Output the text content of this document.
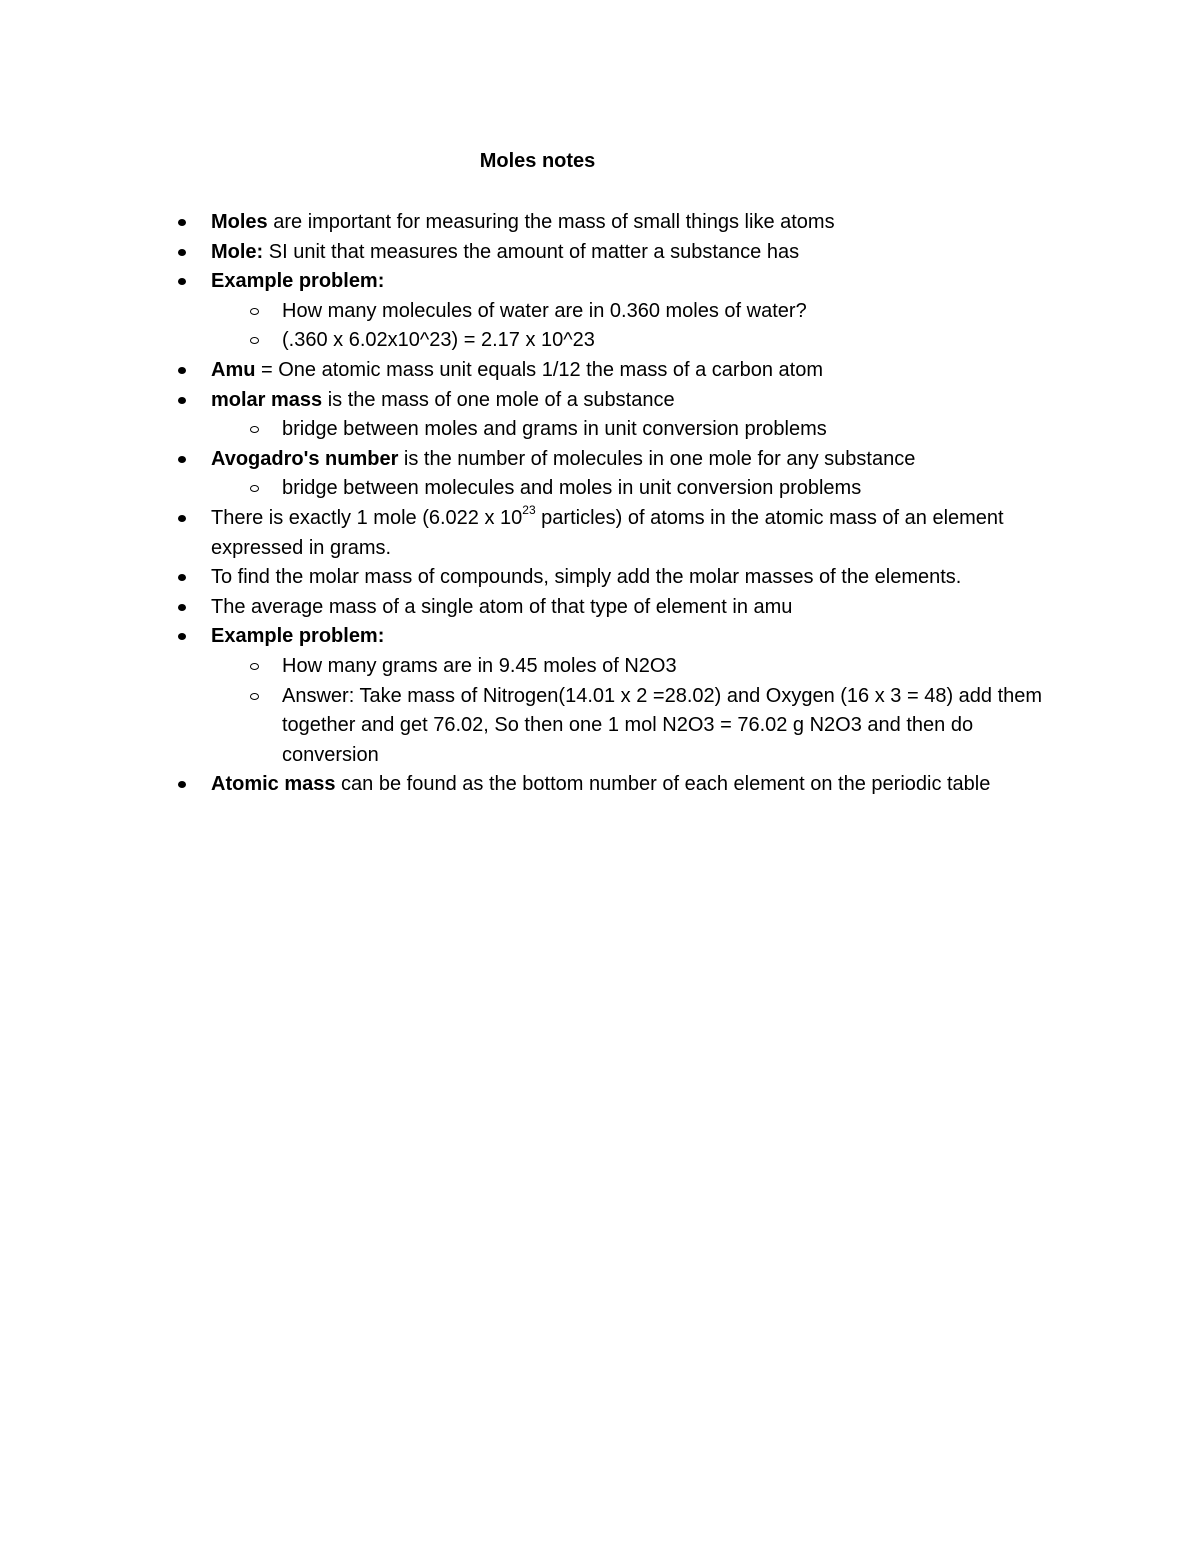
Moles notes
Moles are important for measuring the mass of small things like atoms
Mole: SI unit that measures the amount of matter a substance has
Example problem:
How many molecules of water are in 0.360 moles of water?
(.360 x 6.02x10^23) = 2.17 x 10^23
Amu = One atomic mass unit equals 1/12 the mass of a carbon atom
molar mass is the mass of one mole of a substance
bridge between moles and grams in unit conversion problems
Avogadro's number is the number of molecules in one mole for any substance
bridge between molecules and moles in unit conversion problems
There is exactly 1 mole (6.022 x $10^{23}$ particles) of atoms in the atomic mass of an element expressed in grams.
To find the molar mass of compounds, simply add the molar masses of the elements.
The average mass of a single atom of that type of element in amu
Example problem:
How many grams are in 9.45 moles of N2O3
Answer: Take mass of Nitrogen(14.01 x 2 =28.02) and Oxygen (16 x 3 = 48) add them together and get 76.02, So then one 1 mol N2O3 = 76.02 g N2O3 and then do conversion
Atomic mass can be found as the bottom number of each element on the periodic table
